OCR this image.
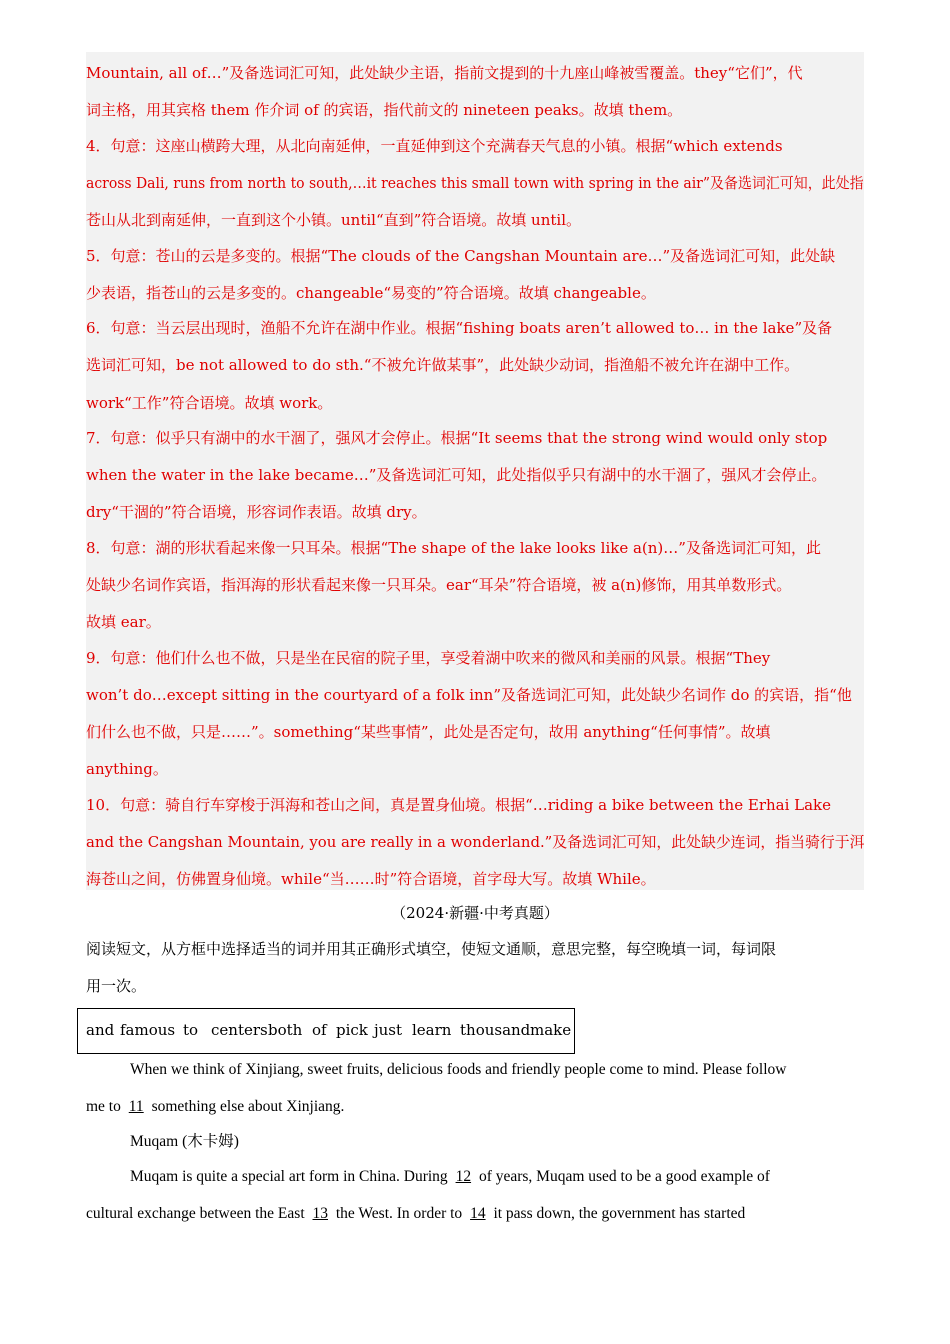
Mountain, all of…”及备选词汇可知，此处缺少主语，指前文提到的十九座山峰被雪覆盖。they“它们”，代
词主格，用其宾格 them 作介词 of 的宾语，指代前文的 nineteen peaks。故填 them。
4．句意：这座山横跨大理，从北向南延伸，一直延伸到这个充满春天气息的小镇。根据“which extends
across Dali, runs from north to south,…it reaches this small town with spring in the air”及备选词汇可知，此处指
苍山从北到南延伸，一直到这个小镇。until“直到”符合语境。故填 until。
5．句意：苍山的云是多变的。根据“The clouds of the Cangshan Mountain are…”及备选词汇可知，此处缺
少表语，指苍山的云是多变的。changeable“易变的”符合语境。故填 changeable。
6．句意：当云层出现时，渔船不允许在湖中作业。根据“fishing boats aren’t allowed to… in the lake”及备
选词汇可知，be not allowed to do sth.“不被允许做某事”，此处缺少动词，指渔船不被允许在湖中工作。
work“工作”符合语境。故填 work。
7．句意：似乎只有湖中的水干涸了，强风才会停止。根据“It seems that the strong wind would only stop
when the water in the lake became…”及备选词汇可知，此处指似乎只有湖中的水干涸了，强风才会停止。
dry“干涸的”符合语境，形容词作表语。故填 dry。
8．句意：湖的形状看起来像一只耳朵。根据“The shape of the lake looks like a(n)…”及备选词汇可知，此
处缺少名词作宾语，指洱海的形状看起来像一只耳朵。ear“耳朵”符合语境，被 a(n)修饰，用其单数形式。
故填 ear。
9．句意：他们什么也不做，只是坐在民宿的院子里，享受着湖中吹来的微风和美丽的风景。根据“They
won’t do…except sitting in the courtyard of a folk inn”及备选词汇可知，此处缺少名词作 do 的宾语，指“他
们什么也不做，只是……”。something“某些事情”，此处是否定句，故用 anything“任何事情”。故填
anything。
10．句意：骑自行车穿梭于洱海和苍山之间，真是置身仙境。根据“…riding a bike between the Erhai Lake
and the Cangshan Mountain, you are really in a wonderland.”及备选词汇可知，此处缺少连词，指当骑行于洱
海苍山之间，仿佛置身仙境。while“当……时”符合语境，首字母大写。故填 While。
（2024·新疆·中考真题）
阅读短文，从方框中选择适当的词并用其正确形式填空，使短文通顺，意思完整，每空晚填一词，每词限
用一次。
and famous to centers both of pick just learn thousand make
When we think of Xinjiang, sweet fruits, delicious foods and friendly people come to mind. Please follow
me to 11 something else about Xinjiang.
Muqam (木卡姆)
Muqam is quite a special art form in China. During 12 of years, Muqam used to be a good example of
cultural exchange between the East 13 the West. In order to 14 it pass down, the government has started
